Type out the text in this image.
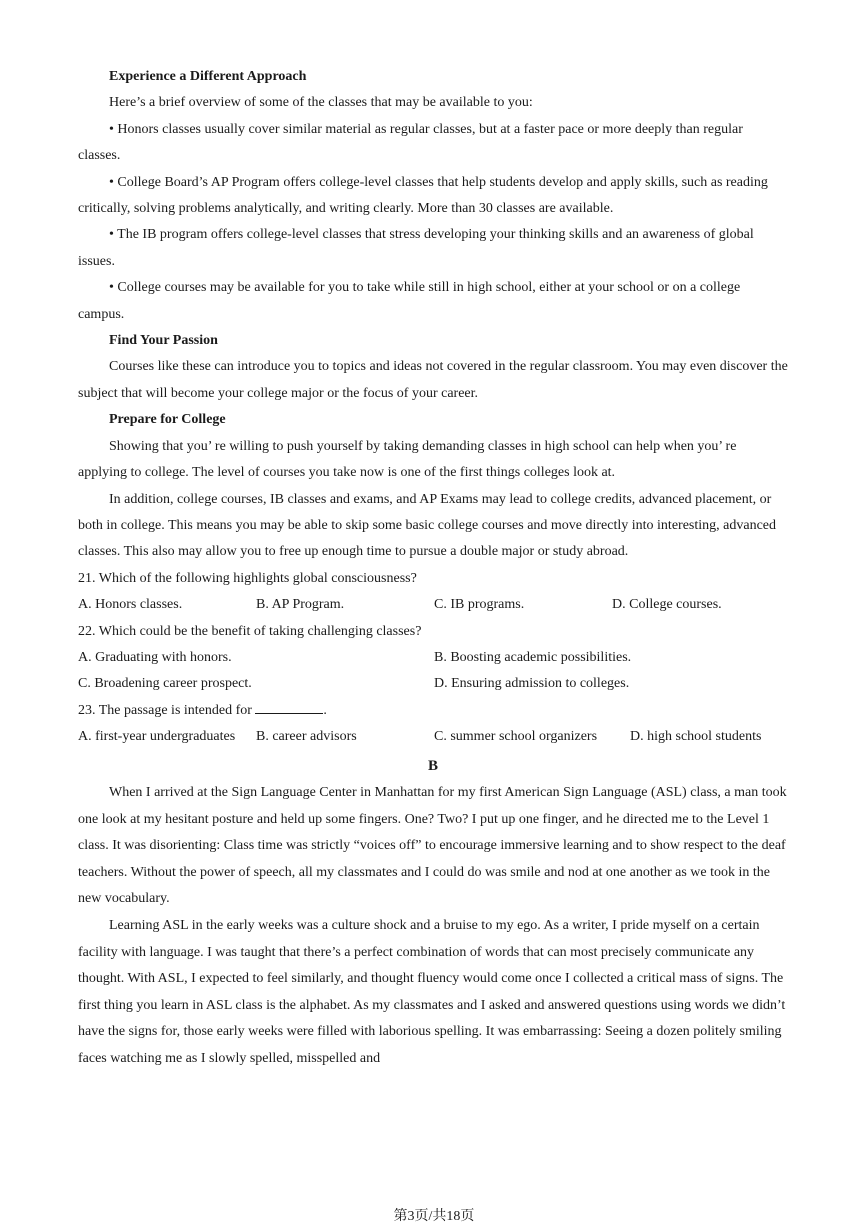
Experience a Different Approach

Here’s a brief overview of some of the classes that may be available to you:

• Honors classes usually cover similar material as regular classes, but at a faster pace or more deeply than regular classes.

• College Board’s AP Program offers college-level classes that help students develop and apply skills, such as reading critically, solving problems analytically, and writing clearly. More than 30 classes are available.

• The IB program offers college-level classes that stress developing your thinking skills and an awareness of global issues.

• College courses may be available for you to take while still in high school, either at your school or on a college campus.

Find Your Passion

Courses like these can introduce you to topics and ideas not covered in the regular classroom. You may even discover the subject that will become your college major or the focus of your career.

Prepare for College

Showing that you’ re willing to push yourself by taking demanding classes in high school can help when you’ re applying to college. The level of courses you take now is one of the first things colleges look at.

In addition, college courses, IB classes and exams, and AP Exams may lead to college credits, advanced placement, or both in college. This means you may be able to skip some basic college courses and move directly into interesting, advanced classes. This also may allow you to free up enough time to pursue a double major or study abroad.

21. Which of the following highlights global consciousness?

A. Honors classes.	B. AP Program.	C. IB programs.	D. College courses.

22. Which could be the benefit of taking challenging classes?

A. Graduating with honors.	B. Boosting academic possibilities.
C. Broadening career prospect.	D. Ensuring admission to colleges.

23. The passage is intended for	.

A. first-year undergraduates	B. career advisors	C. summer school organizers	D. high school students
B

When I arrived at the Sign Language Center in Manhattan for my first American Sign Language (ASL) class, a man took one look at my hesitant posture and held up some fingers. One? Two? I put up one finger, and he directed me to the Level 1 class. It was disorienting: Class time was strictly “voices off” to encourage immersive learning and to show respect to the deaf teachers. Without the power of speech, all my classmates and I could do was smile and nod at one another as we took in the new vocabulary.

Learning ASL in the early weeks was a culture shock and a bruise to my ego. As a writer, I pride myself on a certain facility with language. I was taught that there’s a perfect combination of words that can most precisely communicate any thought. With ASL, I expected to feel similarly, and thought fluency would come once I collected a critical mass of signs. The first thing you learn in ASL class is the alphabet. As my classmates and I asked and answered questions using words we didn’t have the signs for, those early weeks were filled with laborious spelling. It was embarrassing: Seeing a dozen politely smiling faces watching me as I slowly spelled, misspelled and

第3页/共18页
